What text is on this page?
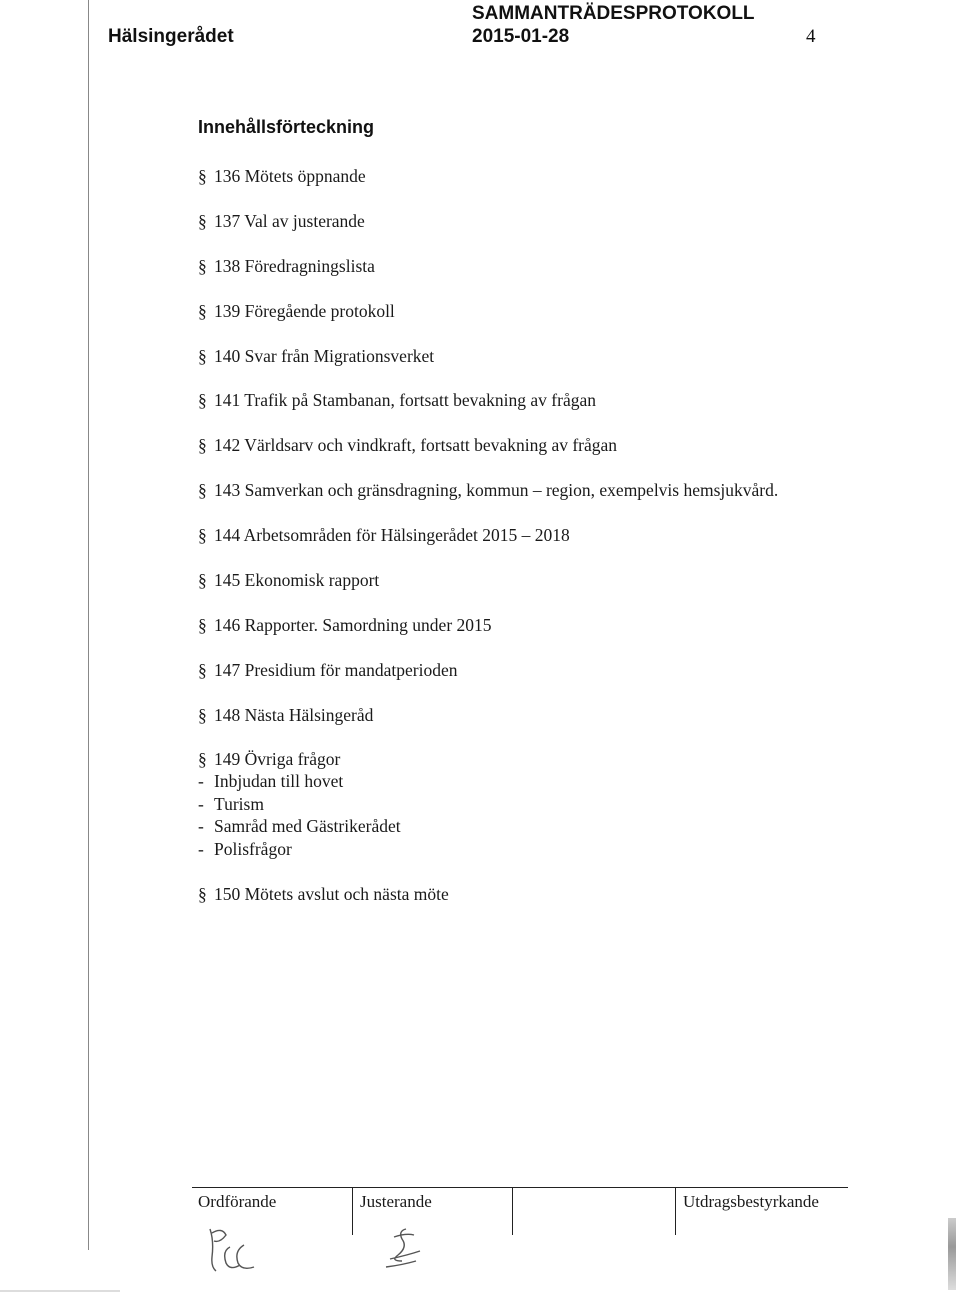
Hälsingerådet
SAMMANTRÄDESPROTOKOLL
2015-01-28	4
Innehållsförteckning
§ 136 Mötets öppnande
§ 137 Val av justerande
§ 138 Föredragningslista
§ 139 Föregående protokoll
§ 140 Svar från Migrationsverket
§ 141 Trafik på Stambanan, fortsatt bevakning av frågan
§ 142 Världsarv och vindkraft, fortsatt bevakning av frågan
§ 143 Samverkan och gränsdragning, kommun – region, exempelvis hemsjukvård.
§ 144 Arbetsområden för Hälsingerådet 2015 – 2018
§ 145 Ekonomisk rapport
§ 146 Rapporter. Samordning under 2015
§ 147 Presidium för mandatperioden
§ 148 Nästa Hälsingeråd
§ 149 Övriga frågor
- Inbjudan till hovet
- Turism
- Samråd med Gästrikerådet
- Polisfrågor
§ 150 Mötets avslut och nästa möte
Ordförande	Justerande	Utdragsbestyrkande
